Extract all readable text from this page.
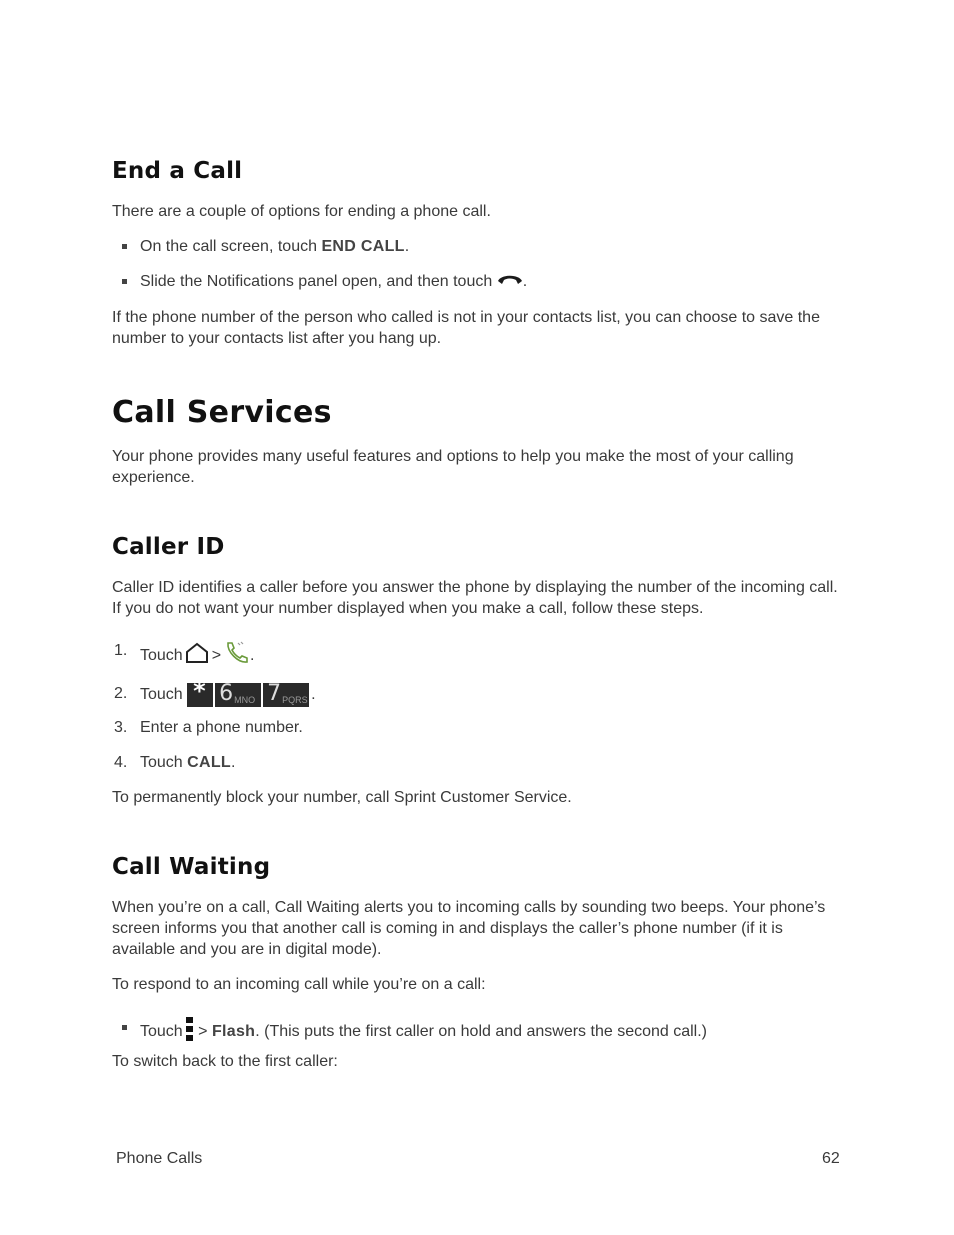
End a Call

There are a couple of options for ending a phone call.

On the call screen, touch END CALL.
Slide the Notifications panel open, and then touch .

If the phone number of the person who called is not in your contacts list, you can choose to save the number to your contacts list after you hang up.

Call Services

Your phone provides many useful features and options to help you make the most of your calling experience.

Caller ID

Caller ID identifies a caller before you answer the phone by displaying the number of the incoming call. If you do not want your number displayed when you make a call, follow these steps.

1. Touch > .
2. Touch * 6 MNO 7 PQRS .
3. Enter a phone number.
4. Touch CALL.

To permanently block your number, call Sprint Customer Service.

Call Waiting

When you’re on a call, Call Waiting alerts you to incoming calls by sounding two beeps. Your phone’s screen informs you that another call is coming in and displays the caller’s phone number (if it is available and you are in digital mode).

To respond to an incoming call while you’re on a call:

Touch > Flash. (This puts the first caller on hold and answers the second call.)

To switch back to the first caller:

Phone Calls	62
